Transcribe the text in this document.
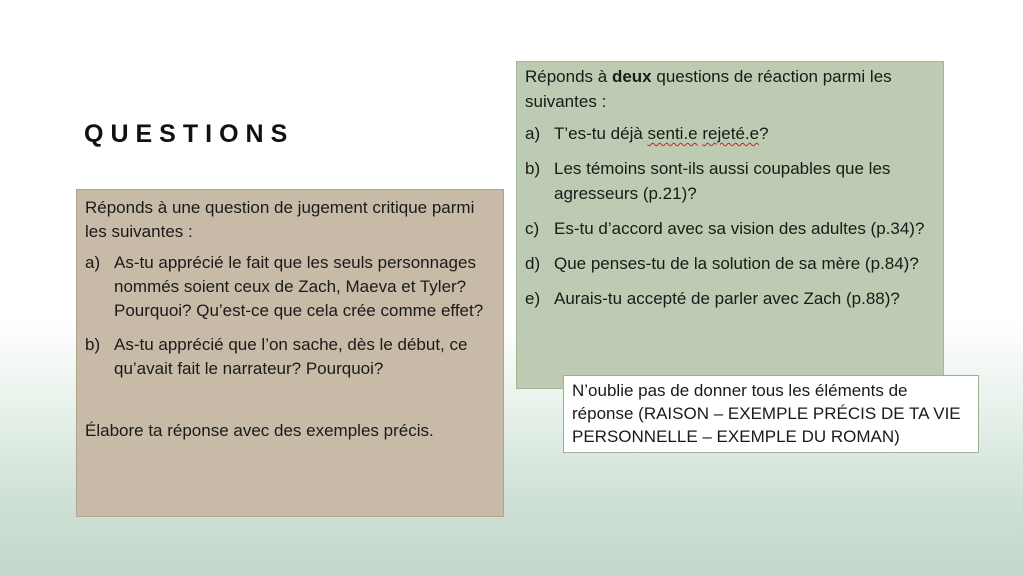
QUESTIONS

Réponds à une question de jugement critique parmi les suivantes :

a) As-tu apprécié le fait que les seuls personnages nommés soient ceux de Zach, Maeva et Tyler? Pourquoi? Qu’est-ce que cela crée comme effet?
b) As-tu apprécié que l’on sache, dès le début, ce qu’avait fait le narrateur? Pourquoi?

Élabore ta réponse avec des exemples précis.

Réponds à deux questions de réaction parmi les suivantes :

a) T’es-tu déjà senti.e rejeté.e?
b) Les témoins sont-ils aussi coupables que les agresseurs (p.21)?
c) Es-tu d’accord avec sa vision des adultes (p.34)?
d) Que penses-tu de la solution de sa mère (p.84)?
e) Aurais-tu accepté de parler avec Zach (p.88)?
N’oublie pas de donner tous les éléments de réponse (RAISON – EXEMPLE PRÉCIS DE TA VIE PERSONNELLE – EXEMPLE DU ROMAN)
